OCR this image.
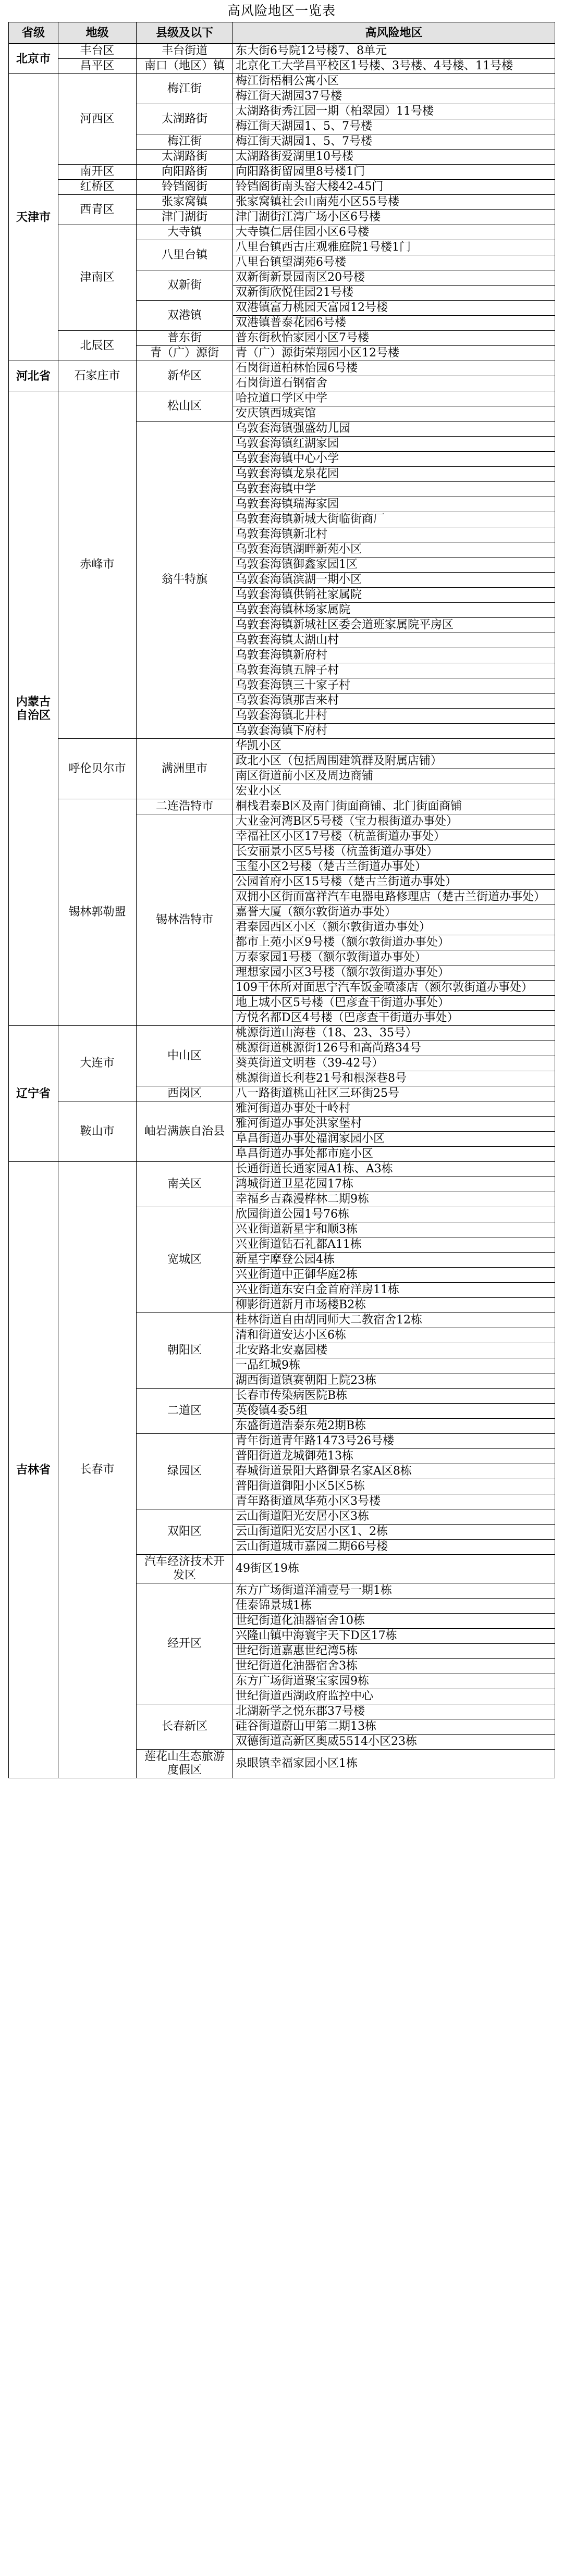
高风险地区一览表
省级	地级	县级及以下	高风险地区
北京市	丰台区	丰台街道	东大街6号院12号楼7、8单元
	昌平区	南口（地区）镇	北京化工大学昌平校区1号楼、3号楼、4号楼、11号楼
天津市	河西区	梅江街	梅江街梧桐公寓小区
			梅江街天湖园37号楼
		太湖路街	太湖路街秀江园一期（柏翠园）11号楼
			梅江街天湖园1、5、7号楼
		梅江街	梅江街天湖园1、5、7号楼
		太湖路街	太湖路街爱湖里10号楼
	南开区	向阳路街	向阳路街留园里8号楼1门
	红桥区	铃铛阁街	铃铛阁街南头窑大楼42-45门
	西青区	张家窝镇	张家窝镇社会山南苑小区55号楼
		津门湖街	津门湖街江湾广场小区6号楼
	津南区	大寺镇	大寺镇仁居佳园小区6号楼
		八里台镇	八里台镇西古庄观雅庭院1号楼1门
			八里台镇望湖苑6号楼
		双新街	双新街新景园南区20号楼
			双新街欣悦佳园21号楼
		双港镇	双港镇富力桃园天富园12号楼
			双港镇普泰花园6号楼
	北辰区	普东街	普东街秋怡家园小区7号楼
		青（广）源街	青（广）源街荣翔园小区12号楼
河北省	石家庄市	新华区	石岗街道柏林怡园6号楼
			石岗街道石钢宿舍
内蒙古自治区	赤峰市	松山区	哈拉道口学区中学
			安庆镇西城宾馆
		翁牛特旗	乌敦套海镇强盛幼儿园
			乌敦套海镇红湖家园
			乌敦套海镇中心小学
			乌敦套海镇龙泉花园
			乌敦套海镇中学
			乌敦套海镇瑞海家园
			乌敦套海镇新城大街临街商厂
			乌敦套海镇新北村
			乌敦套海镇湖畔新苑小区
			乌敦套海镇御鑫家园1区
			乌敦套海镇滨湖一期小区
			乌敦套海镇供销社家属院
			乌敦套海镇林场家属院
			乌敦套海镇新城社区委会道班家属院平房区
			乌敦套海镇太湖山村
			乌敦套海镇新府村
			乌敦套海镇五牌子村
			乌敦套海镇三十家子村
			乌敦套海镇那吉来村
			乌敦套海镇北井村
			乌敦套海镇下府村
	呼伦贝尔市	满洲里市	华凯小区
			政北小区（包括周围建筑群及附属店铺）
			南区街道前小区及周边商铺
			宏业小区
	锡林郭勒盟	二连浩特市	桐栈君泰B区及南门街面商铺、北门街面商铺
		锡林浩特市	大业金河湾B区5号楼（宝力根街道办事处）
			幸福社区小区17号楼（杭盖街道办事处）
			长安丽景小区5号楼（杭盖街道办事处）
			玉玺小区2号楼（楚古兰街道办事处）
			公园首府小区15号楼（楚古兰街道办事处）
			双拥小区街面富祥汽车电器电路修理店（楚古兰街道办事处）
			嘉誉大厦（额尔敦街道办事处）
			君泰园西区小区（额尔敦街道办事处）
			都市上苑小区9号楼（额尔敦街道办事处）
			万泰家园1号楼（额尔敦街道办事处）
			理想家园小区3号楼（额尔敦街道办事处）
			109干休所对面思宁汽车饭金喷漆店（额尔敦街道办事处）
			地上城小区5号楼（巴彦查干街道办事处）
			方悦名都D区4号楼（巴彦查干街道办事处）
辽宁省	大连市	中山区	桃源街道山海巷（18、23、35号）
			桃源街道桃源街126号和高尚路34号
			葵英街道文明巷（39-42号）
			桃源街道长利巷21号和根深巷8号
		西岗区	八一路街道桃山社区三环街25号
	鞍山市	岫岩满族自治县	雅河街道办事处十岭村
			雅河街道办事处洪家堡村
			阜昌街道办事处福润家园小区
			阜昌街道办事处都市庭小区
吉林省	长春市	南关区	长通街道长通家园A1栋、A3栋
			鸿城街道卫星花园17栋
			幸福乡吉森漫桦林二期9栋
		宽城区	欣园街道公园1号76栋
			兴业街道新星宇和顺3栋
			兴业街道钻石礼都A11栋
			新星宇摩登公园4栋
			兴业街道中正御华庭2栋
			兴业街道东安白金首府洋房11栋
			柳影街道新月市场楼B2栋
		朝阳区	桂林街道自由胡同师大二教宿舍12栋
			清和街道安达小区6栋
			北安路北安嘉园楼
			一品红城9栋
			湖西街道镇赛朝阳上院23栋
		二道区	长春市传染病医院B栋
			英俊镇4委5组
			东盛街道浩泰东苑2期B栋
		绿园区	青年街道青年路1473号26号楼
			普阳街道龙城御苑13栋
			春城街道景阳大路御景名家A区8栋
			普阳街道御阳小区5区5栋
			青年路街道凤华苑小区3号楼
		双阳区	云山街道阳光安居小区3栋
			云山街道阳光安居小区1、2栋
			云山街道城市嘉园二期66号楼
		汽车经济技术开发区	49街区19栋
		经开区	东方广场街道洋浦壹号一期1栋
			佳泰锦景城1栋
			世纪街道化油器宿舍10栋
			兴隆山镇中海寰宇天下D区17栋
			世纪街道嘉惠世纪湾5栋
			世纪街道化油器宿舍3栋
			东方广场街道聚宝家园9栋
			世纪街道西湖政府监控中心
		长春新区	北湖新学之悦东郡37号楼
			硅谷街道蔚山甲第二期13栋
			双德街道高新区奥威5514小区23栋
		莲花山生态旅游度假区	泉眼镇幸福家园小区1栋
